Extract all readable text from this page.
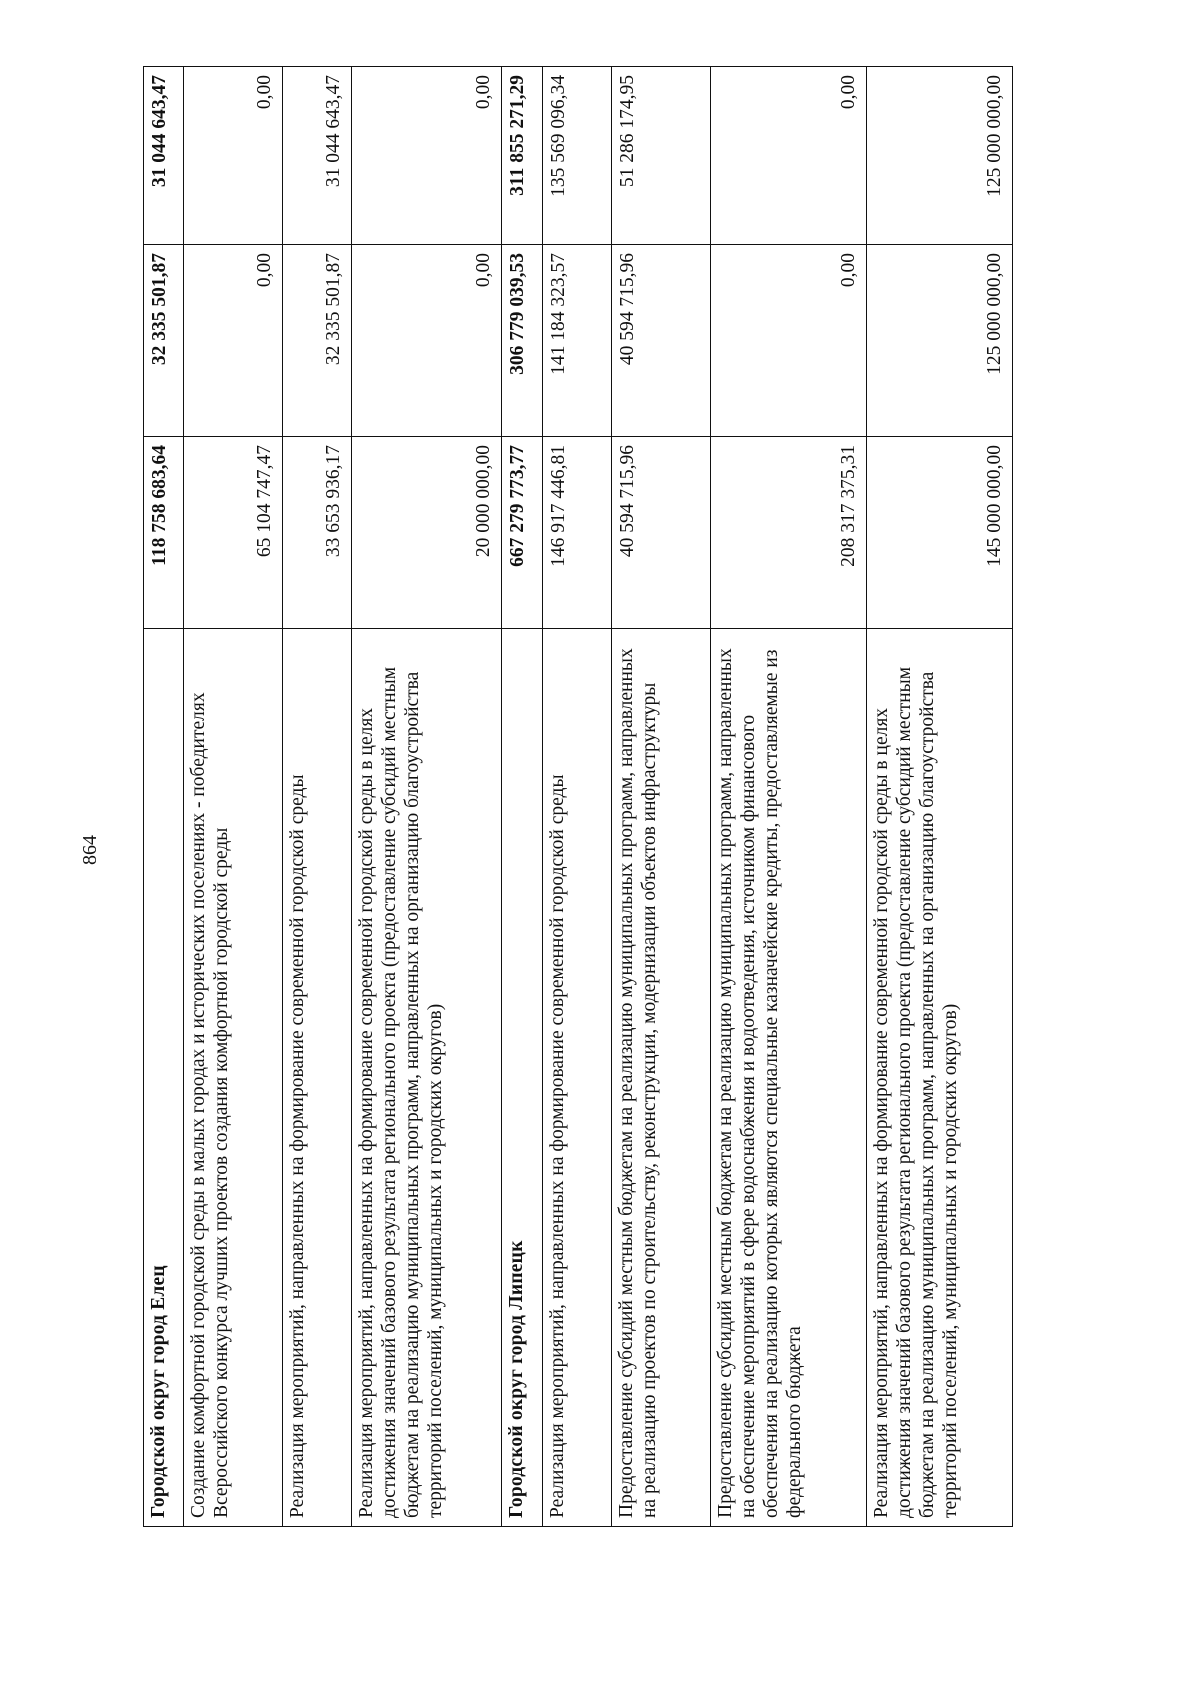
864
Городской округ город Елец	118 758 683,64	32 335 501,87	31 044 643,47
Создание комфортной городской среды в малых городах и исторических поселениях - победителях Всероссийского конкурса лучших проектов создания комфортной городской среды	65 104 747,47	0,00	0,00
Реализация мероприятий, направленных на формирование современной городской среды	33 653 936,17	32 335 501,87	31 044 643,47
Реализация мероприятий, направленных на формирование современной городской среды в целях достижения значений базового результата регионального проекта (предоставление субсидий местным бюджетам на реализацию муниципальных программ, направленных на организацию благоустройства территорий поселений, муниципальных и городских округов)	20 000 000,00	0,00	0,00
Городской округ город Липецк	667 279 773,77	306 779 039,53	311 855 271,29
Реализация мероприятий, направленных на формирование современной городской среды	146 917 446,81	141 184 323,57	135 569 096,34
Предоставление субсидий местным бюджетам на реализацию муниципальных программ, направленных на реализацию проектов по строительству, реконструкции, модернизации объектов инфраструктуры	40 594 715,96	40 594 715,96	51 286 174,95
Предоставление субсидий местным бюджетам на реализацию муниципальных программ, направленных на обеспечение мероприятий в сфере водоснабжения и водоотведения, источником финансового обеспечения на реализацию которых являются специальные казначейские кредиты, предоставляемые из федерального бюджета	208 317 375,31	0,00	0,00
Реализация мероприятий, направленных на формирование современной городской среды в целях достижения значений базового результата регионального проекта (предоставление субсидий местным бюджетам на реализацию муниципальных программ, направленных на организацию благоустройства территорий поселений, муниципальных и городских округов)	145 000 000,00	125 000 000,00	125 000 000,00
